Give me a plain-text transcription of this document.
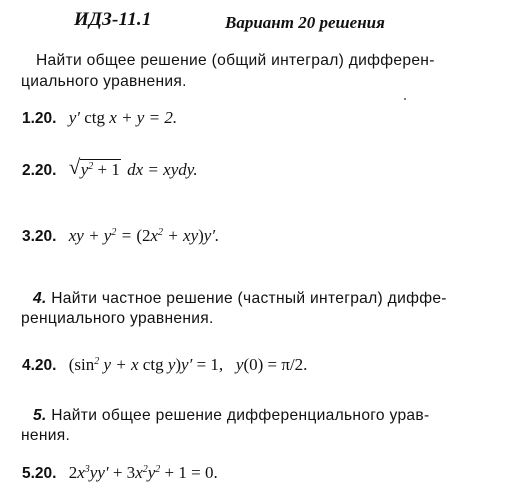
ИДЗ-11.1	Вариант 20 решения
Найти общее решение (общий интеграл) дифферен-
циального уравнения.
1.20. y′ ctg x + y = 2.
2.20. √ $y^2 + 1$ dx = xydy.
3.20. xy + $y^2 = (2x^2 + xy)y'$.
4. Найти частное решение (частный интеграл) диффе-
ренциального уравнения.
4.20. ($\sin^2$ y + x ctg y)y′ = 1,   y(0) = π/2.
5. Найти общее решение дифференциального урав-
нения.
5.20. $2x^3yy' + 3x^2y^2 + 1 = 0$.
